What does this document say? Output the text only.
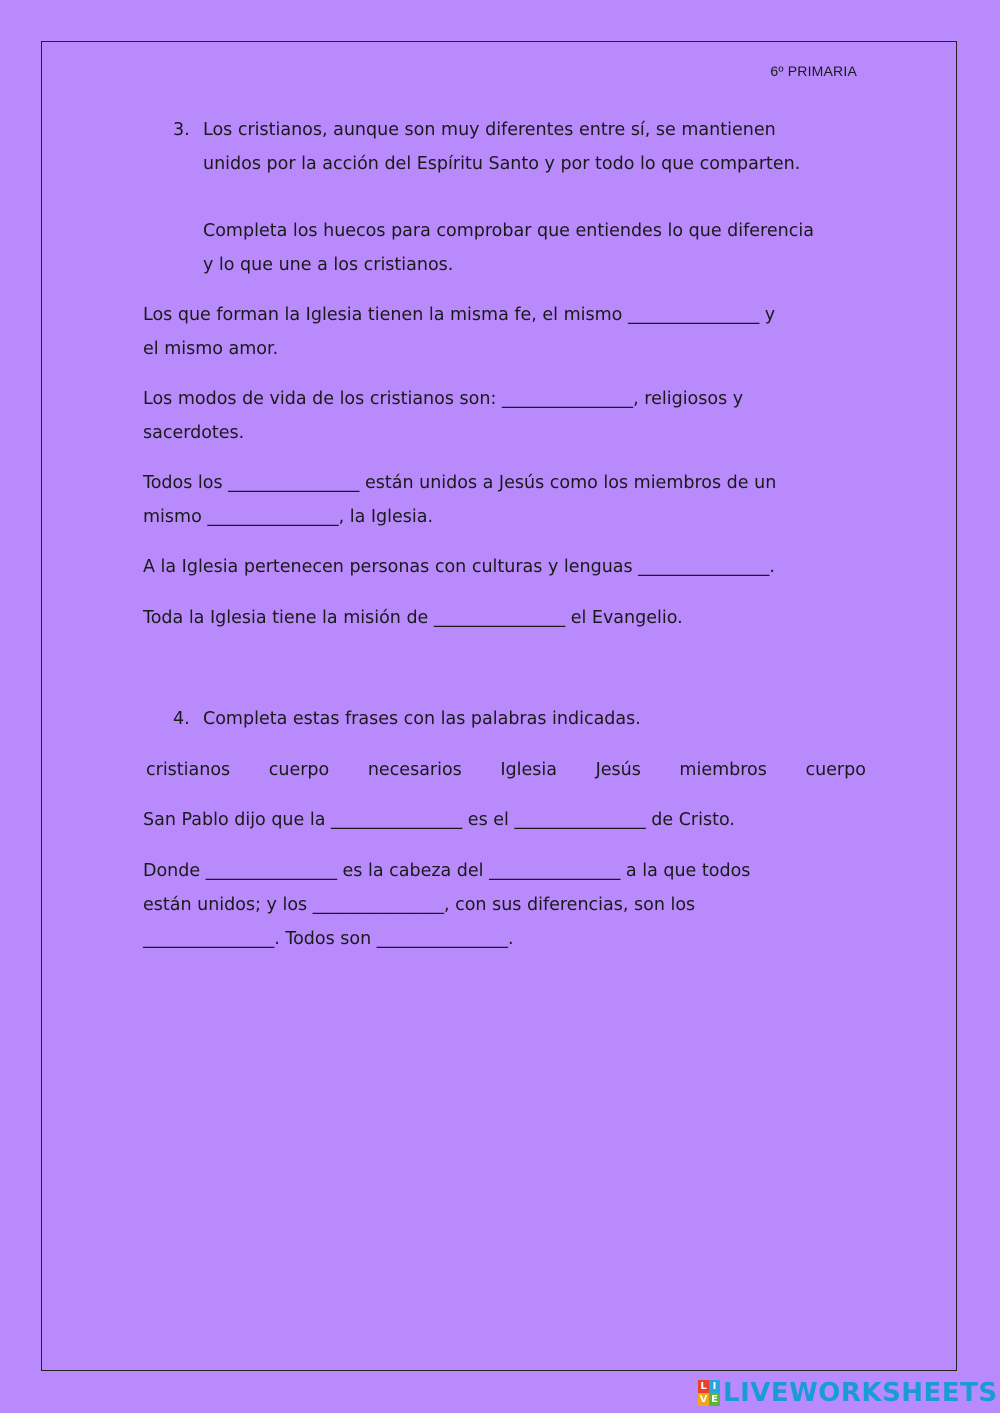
6º PRIMARIA
3. Los cristianos, aunque son muy diferentes entre sí, se mantienen

unidos por la acción del Espíritu Santo y por todo lo que comparten.

Completa los huecos para comprobar que entiendes lo que diferencia

y lo que une a los cristianos.

Los que forman la Iglesia tienen la misma fe, el mismo _______________ y

el mismo amor.

Los modos de vida de los cristianos son: _______________, religiosos y

sacerdotes.

Todos los _______________ están unidos a Jesús como los miembros de un

mismo _______________, la Iglesia.

A la Iglesia pertenecen personas con culturas y lenguas _______________.

Toda la Iglesia tiene la misión de _______________ el Evangelio.

4. Completa estas frases con las palabras indicadas.

cristianos cuerpo necesarios Iglesia Jesús miembros cuerpo

San Pablo dijo que la _______________ es el _______________ de Cristo.

Donde _______________ es la cabeza del _______________ a la que todos

están unidos; y los _______________, con sus diferencias, son los

_______________. Todos son _______________.

L I
V E LIVEWORKSHEETS
